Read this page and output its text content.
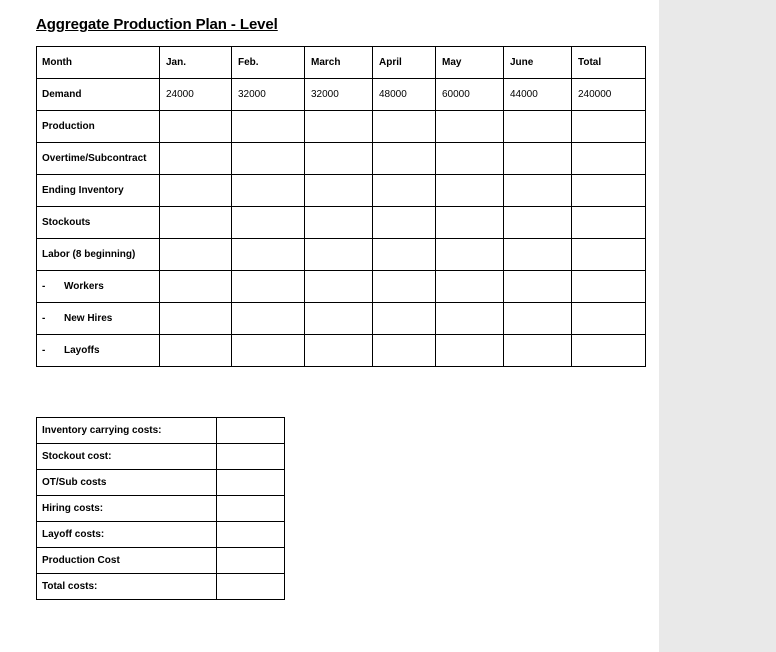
Aggregate Production Plan - Level
Month	Jan.	Feb.	March	April	May	June	Total
Demand	24000	32000	32000	48000	60000	44000	240000
Production							
Overtime/Subcontract							
Ending Inventory							
Stockouts							
Labor (8 beginning)							
- Workers							
- New Hires							
- Layoffs							
Inventory carrying costs:	
Stockout cost:	
OT/Sub costs	
Hiring costs:	
Layoff costs:	
Production Cost	
Total costs:	
